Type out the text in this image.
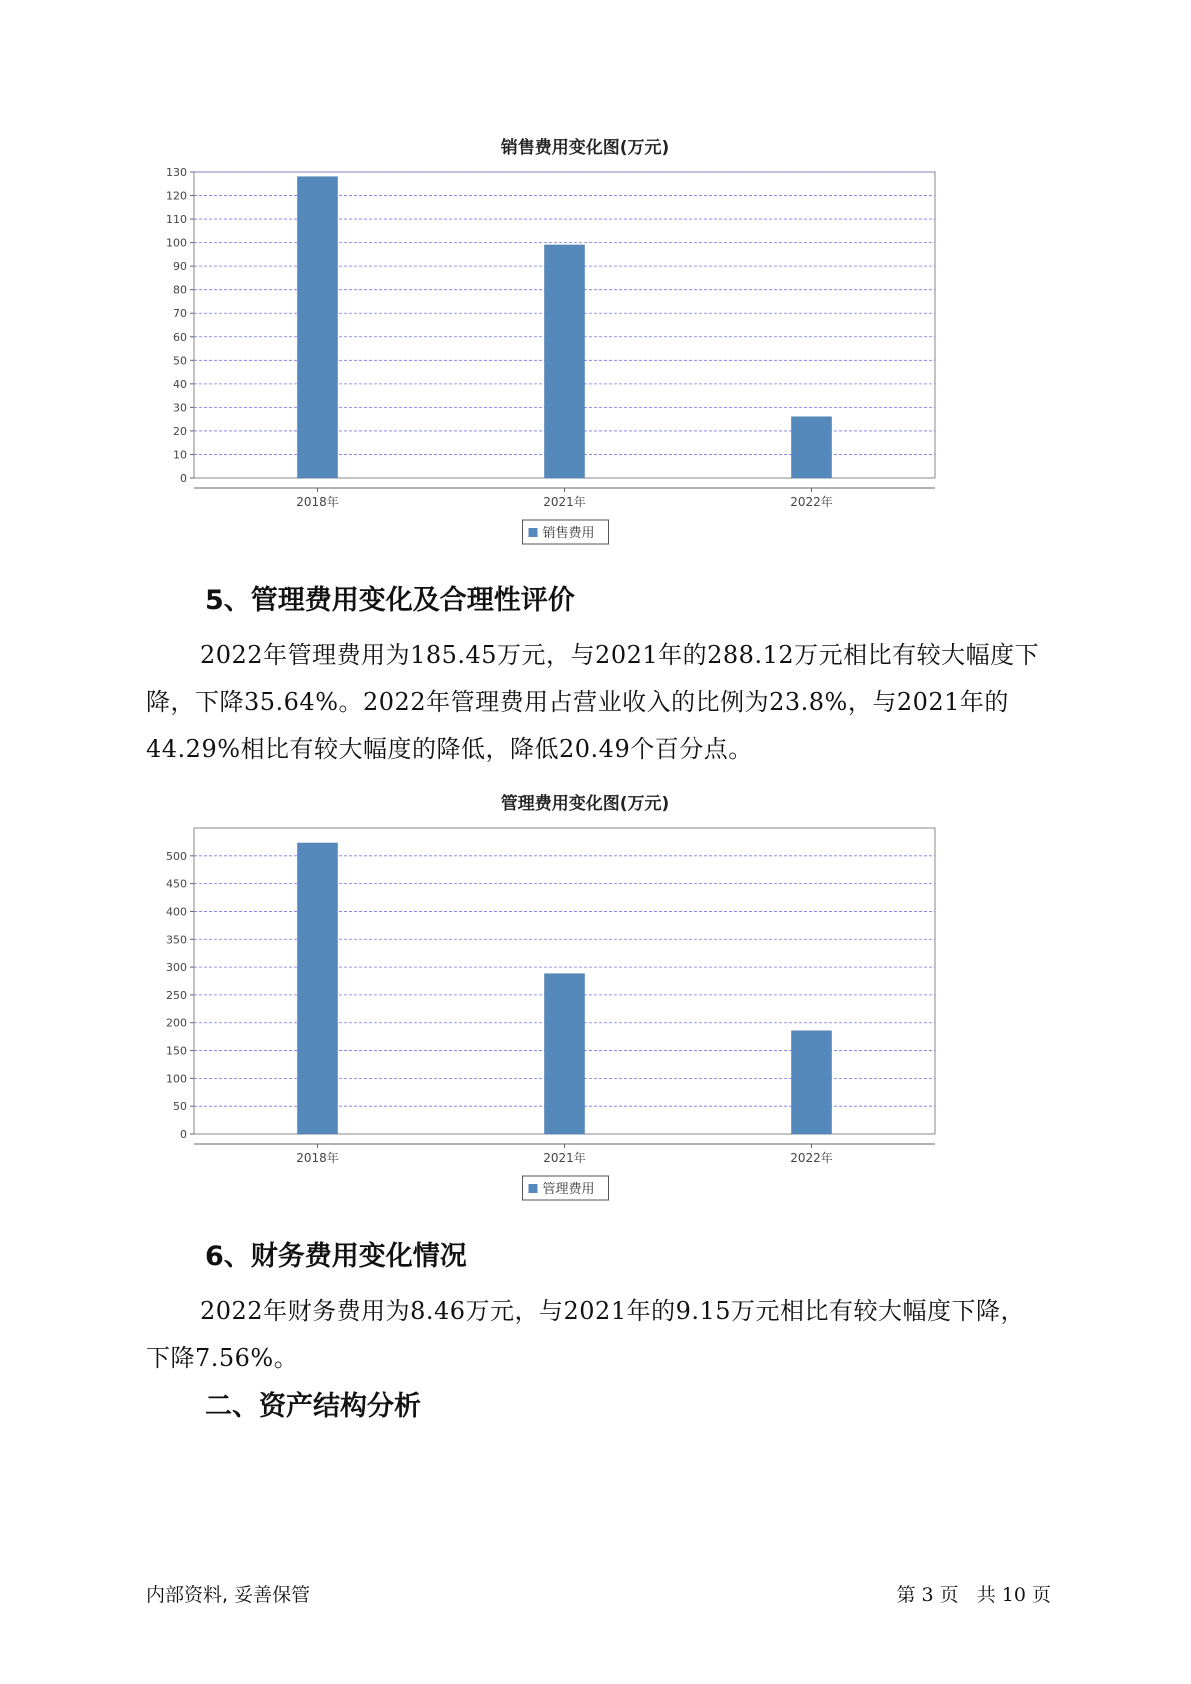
销售费用变化图(万元)
0
10
20
30
40
50
60
70
80
90
100
110
120
130
2018年	2021年	2022年
销售费用
5、管理费用变化及合理性评价

2022年管理费用为185.45万元，与2021年的288.12万元相比有较大幅度下降，下降35.64%。2022年管理费用占营业收入的比例为23.8%，与2021年的44.29%相比有较大幅度的降低，降低20.49个百分点。

管理费用变化图(万元)
0
50
100
150
200
250
300
350
400
450
500
2018年	2021年	2022年
管理费用
6、财务费用变化情况

2022年财务费用为8.46万元，与2021年的9.15万元相比有较大幅度下降，下降7.56%。

二、资产结构分析
内部资料, 妥善保管	第 3 页   共 10 页
